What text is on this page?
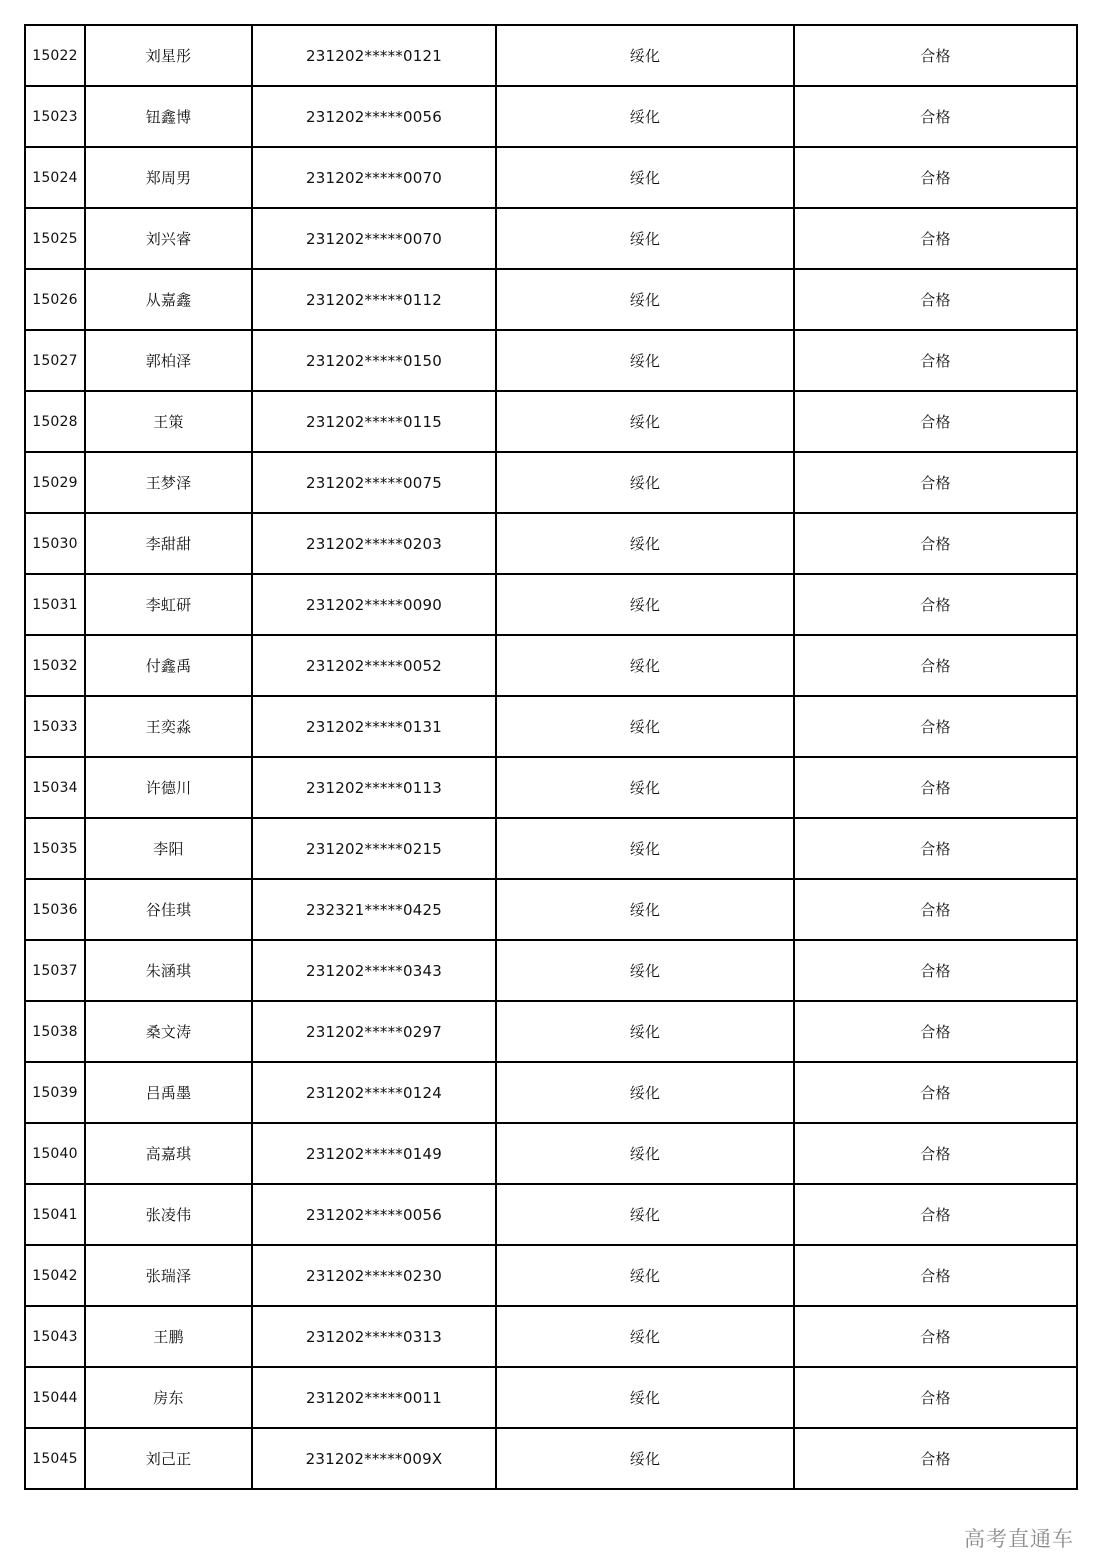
15022	刘星彤	231202*****0121	绥化	合格
15023	钮鑫博	231202*****0056	绥化	合格
15024	郑周男	231202*****0070	绥化	合格
15025	刘兴睿	231202*****0070	绥化	合格
15026	从嘉鑫	231202*****0112	绥化	合格
15027	郭柏泽	231202*****0150	绥化	合格
15028	王策	231202*****0115	绥化	合格
15029	王梦泽	231202*****0075	绥化	合格
15030	李甜甜	231202*****0203	绥化	合格
15031	李虹研	231202*****0090	绥化	合格
15032	付鑫禹	231202*****0052	绥化	合格
15033	王奕淼	231202*****0131	绥化	合格
15034	许德川	231202*****0113	绥化	合格
15035	李阳	231202*****0215	绥化	合格
15036	谷佳琪	232321*****0425	绥化	合格
15037	朱涵琪	231202*****0343	绥化	合格
15038	桑文涛	231202*****0297	绥化	合格
15039	吕禹墨	231202*****0124	绥化	合格
15040	高嘉琪	231202*****0149	绥化	合格
15041	张凌伟	231202*****0056	绥化	合格
15042	张瑞泽	231202*****0230	绥化	合格
15043	王鹏	231202*****0313	绥化	合格
15044	房东	231202*****0011	绥化	合格
15045	刘己正	231202*****009X	绥化	合格
高考直通车
